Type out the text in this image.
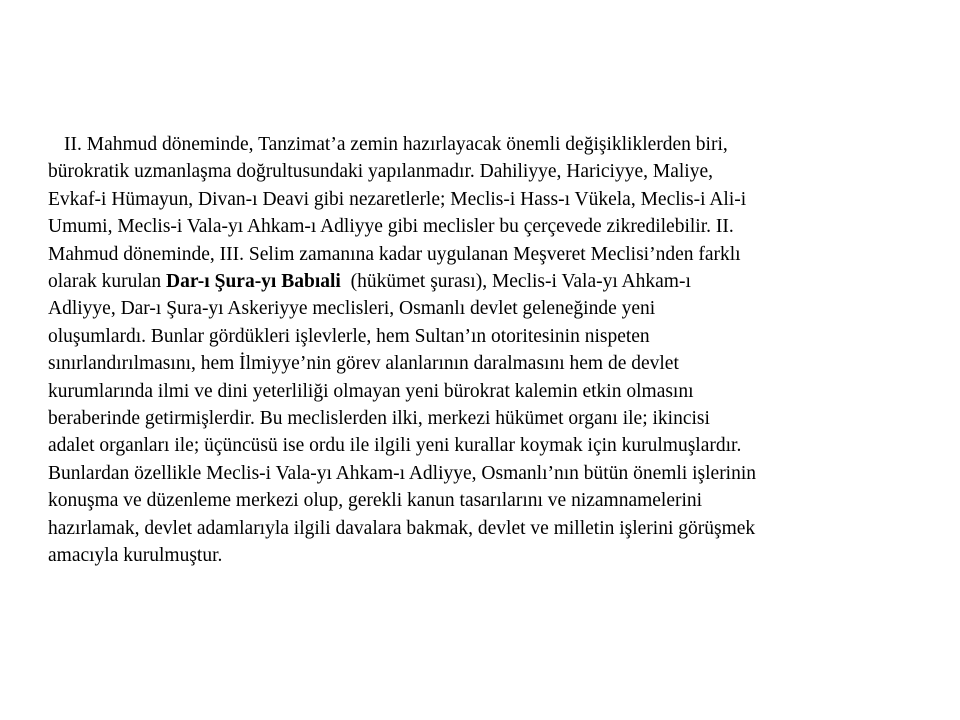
II. Mahmud döneminde, Tanzimat’a zemin hazırlayacak önemli değişikliklerden biri,
bürokratik uzmanlaşma doğrultusundaki yapılanmadır. Dahiliyye, Hariciyye, Maliye,
Evkaf-i Hümayun, Divan-ı Deavi gibi nezaretlerle; Meclis-i Hass-ı Vükela, Meclis-i Ali-i
Umumi, Meclis-i Vala-yı Ahkam-ı Adliyye gibi meclisler bu çerçevede zikredilebilir. II.
Mahmud döneminde, III. Selim zamanına kadar uygulanan Meşveret Meclisi’nden farklı
olarak kurulan Dar-ı Şura-yı Babıali  (hükümet şurası), Meclis-i Vala-yı Ahkam-ı
Adliyye, Dar-ı Şura-yı Askeriyye meclisleri, Osmanlı devlet geleneğinde yeni
oluşumlardı. Bunlar gördükleri işlevlerle, hem Sultan’ın otoritesinin nispeten
sınırlandırılmasını, hem İlmiyye’nin görev alanlarının daralmasını hem de devlet
kurumlarında ilmi ve dini yeterliliği olmayan yeni bürokrat kalemin etkin olmasını
beraberinde getirmişlerdir. Bu meclislerden ilki, merkezi hükümet organı ile; ikincisi
adalet organları ile; üçüncüsü ise ordu ile ilgili yeni kurallar koymak için kurulmuşlardır.
Bunlardan özellikle Meclis-i Vala-yı Ahkam-ı Adliyye, Osmanlı’nın bütün önemli işlerinin
konuşma ve düzenleme merkezi olup, gerekli kanun tasarılarını ve nizamnamelerini
hazırlamak, devlet adamlarıyla ilgili davalara bakmak, devlet ve milletin işlerini görüşmek
amacıyla kurulmuştur.
